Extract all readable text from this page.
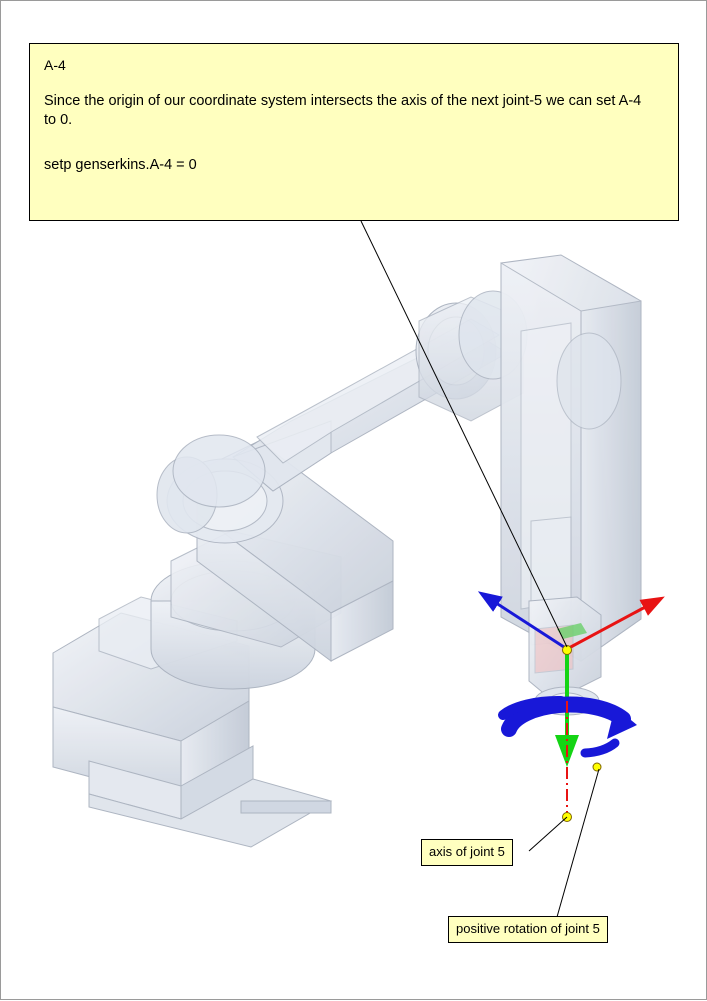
A-4
Since the origin of our coordinate system intersects the axis of the next joint-5 we can set A-4 to 0.
setp genserkins.A-4 = 0
axis of joint 5
positive rotation of joint 5
